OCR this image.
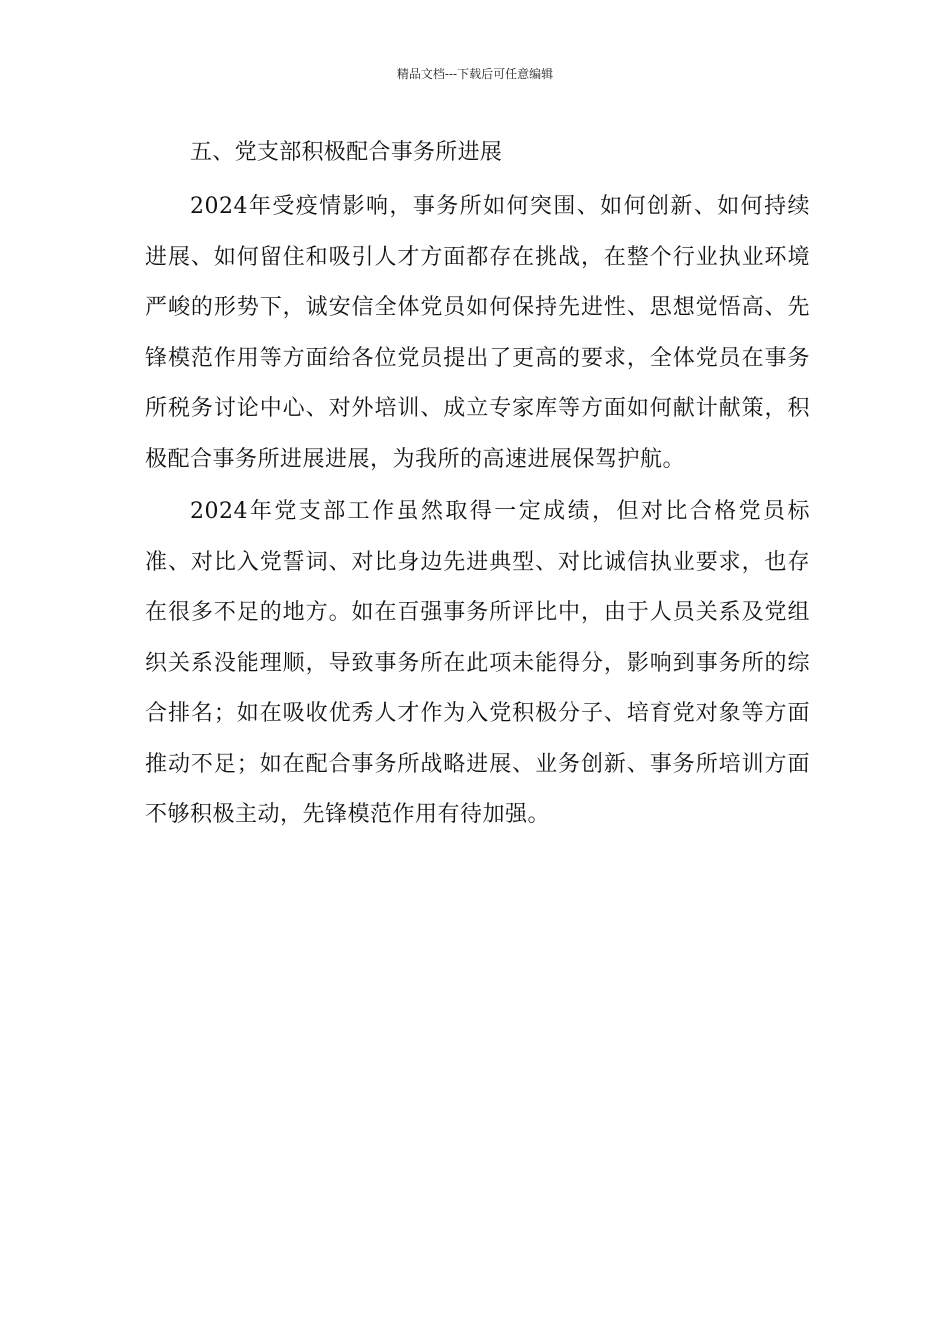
精品文档---下载后可任意编辑
五、党支部积极配合事务所进展

2024年受疫情影响，事务所如何突围、如何创新、如何持续进展、如何留住和吸引人才方面都存在挑战，在整个行业执业环境严峻的形势下，诚安信全体党员如何保持先进性、思想觉悟高、先锋模范作用等方面给各位党员提出了更高的要求，全体党员在事务所税务讨论中心、对外培训、成立专家库等方面如何献计献策，积极配合事务所进展进展，为我所的高速进展保驾护航。

2024年党支部工作虽然取得一定成绩，但对比合格党员标准、对比入党誓词、对比身边先进典型、对比诚信执业要求，也存在很多不足的地方。如在百强事务所评比中，由于人员关系及党组织关系没能理顺，导致事务所在此项未能得分，影响到事务所的综合排名；如在吸收优秀人才作为入党积极分子、培育党对象等方面推动不足；如在配合事务所战略进展、业务创新、事务所培训方面不够积极主动，先锋模范作用有待加强。
